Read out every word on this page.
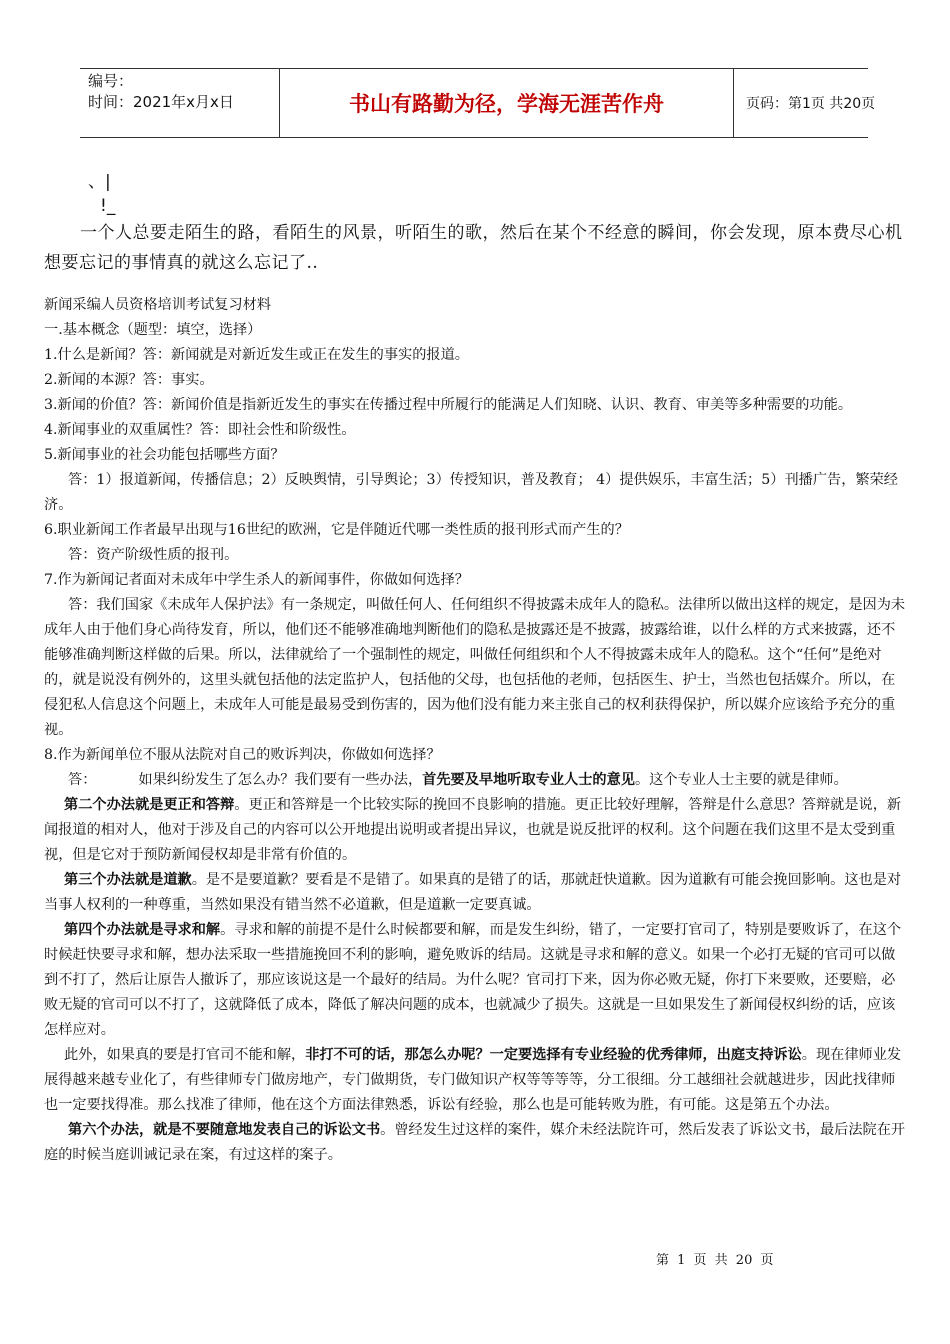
编号：
时间：2021年x月x日	书山有路勤为径，学海无涯苦作舟	页码：第1页 共20页
、|
!_
一个人总要走陌生的路，看陌生的风景，听陌生的歌，然后在某个不经意的瞬间，你会发现，原本费尽心机想要忘记的事情真的就这么忘记了..

新闻采编人员资格培训考试复习材料

一.基本概念（题型：填空，选择）

1.什么是新闻？答：新闻就是对新近发生或正在发生的事实的报道。

2.新闻的本源？答：事实。

3.新闻的价值？答：新闻价值是指新近发生的事实在传播过程中所履行的能满足人们知晓、认识、教育、审美等多种需要的功能。

4.新闻事业的双重属性？答：即社会性和阶级性。

5.新闻事业的社会功能包括哪些方面？

答：1）报道新闻，传播信息；2）反映舆情，引导舆论；3）传授知识，普及教育； 4）提供娱乐，丰富生活；5）刊播广告，繁荣经济。

6.职业新闻工作者最早出现与16世纪的欧洲，它是伴随近代哪一类性质的报刊形式而产生的？

答：资产阶级性质的报刊。

7.作为新闻记者面对未成年中学生杀人的新闻事件，你做如何选择？

答：我们国家《未成年人保护法》有一条规定，叫做任何人、任何组织不得披露未成年人的隐私。法律所以做出这样的规定，是因为未成年人由于他们身心尚待发育，所以，他们还不能够准确地判断他们的隐私是披露还是不披露，披露给谁，以什么样的方式来披露，还不能够准确判断这样做的后果。所以，法律就给了一个强制性的规定，叫做任何组织和个人不得披露未成年人的隐私。这个“任何”是绝对的，就是说没有例外的，这里头就包括他的法定监护人，包括他的父母，也包括他的老师，包括医生、护士，当然也包括媒介。所以，在侵犯私人信息这个问题上，未成年人可能是最易受到伤害的，因为他们没有能力来主张自己的权利获得保护，所以媒介应该给予充分的重视。

8.作为新闻单位不服从法院对自己的败诉判决，你做如何选择？

答：	如果纠纷发生了怎么办？我们要有一些办法，首先要及早地听取专业人士的意见。这个专业人士主要的就是律师。

第二个办法就是更正和答辩。更正和答辩是一个比较实际的挽回不良影响的措施。更正比较好理解，答辩是什么意思？答辩就是说，新闻报道的相对人，他对于涉及自己的内容可以公开地提出说明或者提出异议，也就是说反批评的权利。这个问题在我们这里不是太受到重视，但是它对于预防新闻侵权却是非常有价值的。

第三个办法就是道歉。是不是要道歉？要看是不是错了。如果真的是错了的话，那就赶快道歉。因为道歉有可能会挽回影响。这也是对当事人权利的一种尊重，当然如果没有错当然不必道歉，但是道歉一定要真诚。

第四个办法就是寻求和解。寻求和解的前提不是什么时候都要和解，而是发生纠纷，错了，一定要打官司了，特别是要败诉了，在这个时候赶快要寻求和解，想办法采取一些措施挽回不利的影响，避免败诉的结局。这就是寻求和解的意义。如果一个必打无疑的官司可以做到不打了，然后让原告人撤诉了，那应该说这是一个最好的结局。为什么呢？官司打下来，因为你必败无疑，你打下来要败，还要赔，必败无疑的官司可以不打了，这就降低了成本，降低了解决问题的成本，也就减少了损失。这就是一旦如果发生了新闻侵权纠纷的话，应该怎样应对。

此外，如果真的要是打官司不能和解，非打不可的话，那怎么办呢？一定要选择有专业经验的优秀律师，出庭支持诉讼。现在律师业发展得越来越专业化了，有些律师专门做房地产，专门做期货，专门做知识产权等等等等，分工很细。分工越细社会就越进步，因此找律师也一定要找得准。那么找准了律师，他在这个方面法律熟悉，诉讼有经验，那么也是可能转败为胜，有可能。这是第五个办法。

第六个办法，就是不要随意地发表自己的诉讼文书。曾经发生过这样的案件，媒介未经法院许可，然后发表了诉讼文书，最后法院在开庭的时候当庭训诫记录在案，有过这样的案子。

第 1 页 共 20 页
